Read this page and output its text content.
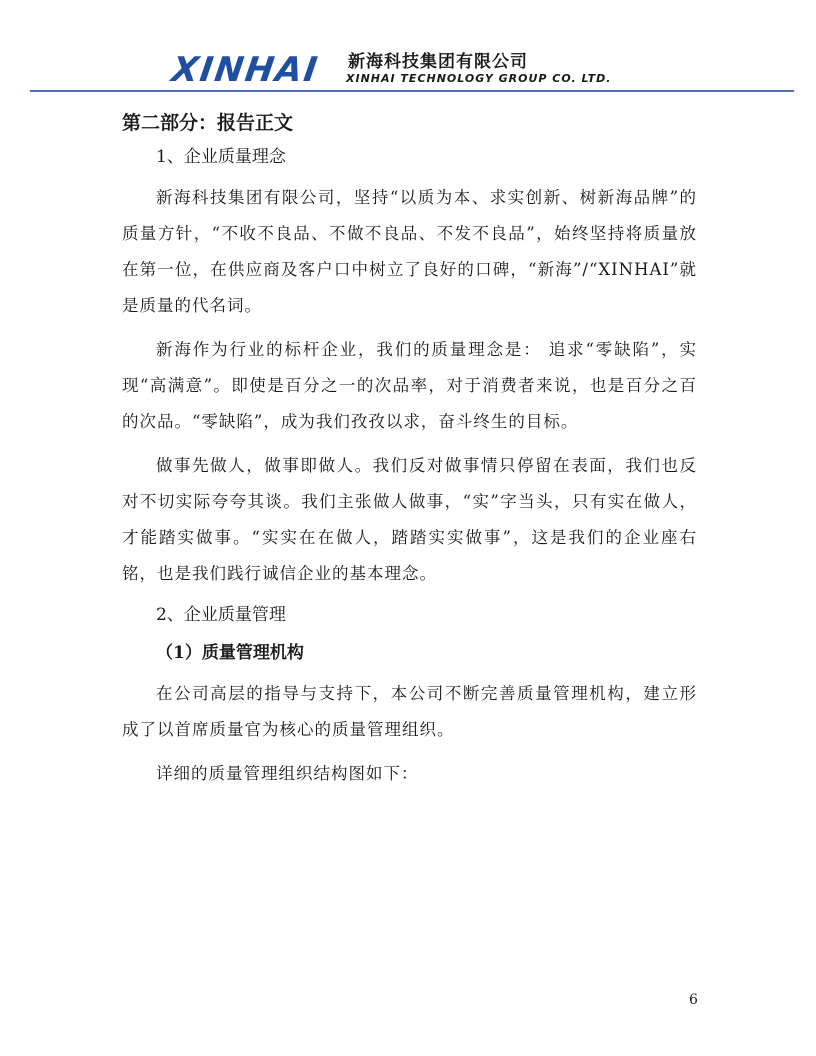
XINHAI 新海科技集团有限公司
XINHAI TECHNOLOGY GROUP CO. LTD.
第二部分：报告正文
1、企业质量理念

新海科技集团有限公司，坚持“以质为本、求实创新、树新海品牌”的质量方针，“不收不良品、不做不良品、不发不良品”，始终坚持将质量放在第一位，在供应商及客户口中树立了良好的口碑，“新海”/“XINHAI”就是质量的代名词。

新海作为行业的标杆企业，我们的质量理念是： 追求“零缺陷”，实现“高满意”。即使是百分之一的次品率，对于消费者来说，也是百分之百的次品。“零缺陷”，成为我们孜孜以求，奋斗终生的目标。

做事先做人，做事即做人。我们反对做事情只停留在表面，我们也反对不切实际夸夸其谈。我们主张做人做事，“实”字当头，只有实在做人，才能踏实做事。“实实在在做人，踏踏实实做事”，这是我们的企业座右铭，也是我们践行诚信企业的基本理念。

2、企业质量管理
（1）质量管理机构

在公司高层的指导与支持下，本公司不断完善质量管理机构，建立形成了以首席质量官为核心的质量管理组织。

详细的质量管理组织结构图如下：

6
